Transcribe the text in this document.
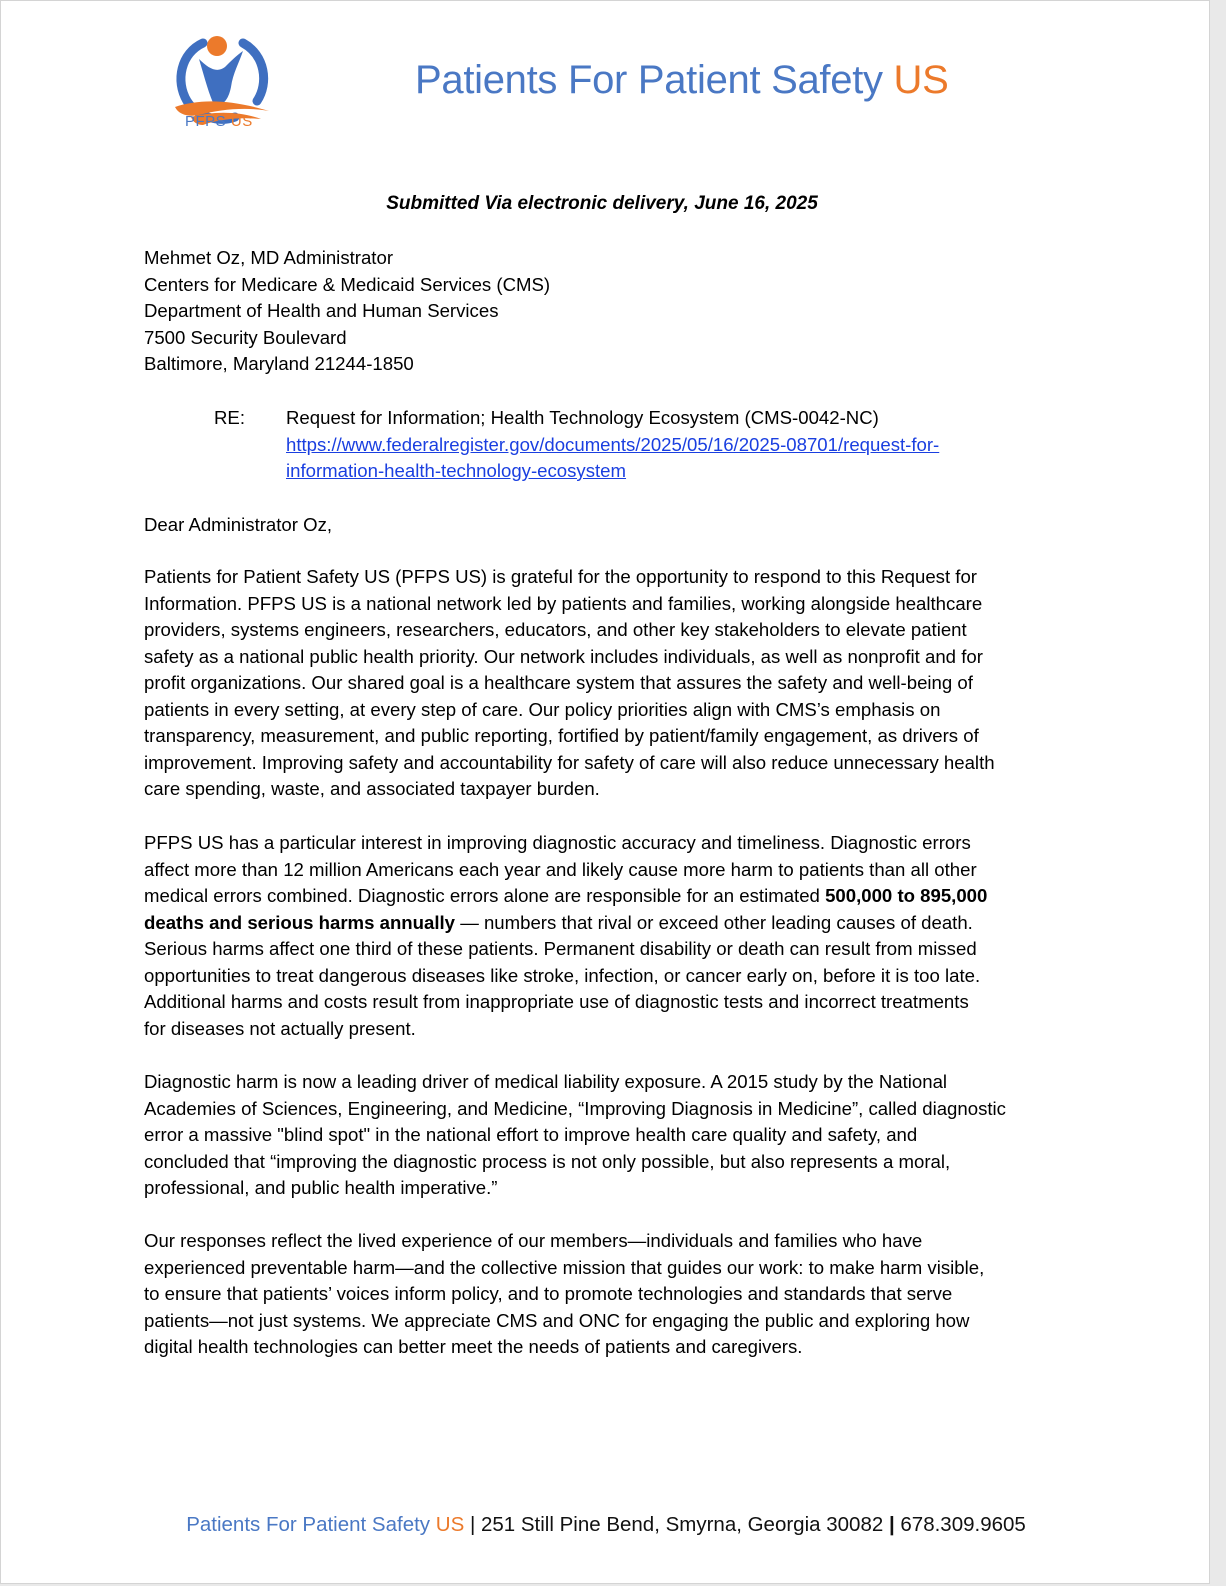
PFPS US
Patients For Patient Safety US
Submitted Via electronic delivery, June 16, 2025
Mehmet Oz, MD Administrator
Centers for Medicare & Medicaid Services (CMS)
Department of Health and Human Services
7500 Security Boulevard
Baltimore, Maryland 21244-1850
RE: Request for Information; Health Technology Ecosystem (CMS-0042-NC)
https://www.federalregister.gov/documents/2025/05/16/2025-08701/request-for-
information-health-technology-ecosystem
Dear Administrator Oz,
Patients for Patient Safety US (PFPS US) is grateful for the opportunity to respond to this Request for
Information. PFPS US is a national network led by patients and families, working alongside healthcare
providers, systems engineers, researchers, educators, and other key stakeholders to elevate patient
safety as a national public health priority. Our network includes individuals, as well as nonprofit and for
profit organizations. Our shared goal is a healthcare system that assures the safety and well-being of
patients in every setting, at every step of care. Our policy priorities align with CMS’s emphasis on
transparency, measurement, and public reporting, fortified by patient/family engagement, as drivers of
improvement. Improving safety and accountability for safety of care will also reduce unnecessary health
care spending, waste, and associated taxpayer burden.
PFPS US has a particular interest in improving diagnostic accuracy and timeliness. Diagnostic errors
affect more than 12 million Americans each year and likely cause more harm to patients than all other
medical errors combined. Diagnostic errors alone are responsible for an estimated 500,000 to 895,000
deaths and serious harms annually — numbers that rival or exceed other leading causes of death.
Serious harms affect one third of these patients. Permanent disability or death can result from missed
opportunities to treat dangerous diseases like stroke, infection, or cancer early on, before it is too late.
Additional harms and costs result from inappropriate use of diagnostic tests and incorrect treatments
for diseases not actually present.
Diagnostic harm is now a leading driver of medical liability exposure. A 2015 study by the National
Academies of Sciences, Engineering, and Medicine, “Improving Diagnosis in Medicine”, called diagnostic
error a massive "blind spot" in the national effort to improve health care quality and safety, and
concluded that “improving the diagnostic process is not only possible, but also represents a moral,
professional, and public health imperative.”
Our responses reflect the lived experience of our members—individuals and families who have
experienced preventable harm—and the collective mission that guides our work: to make harm visible,
to ensure that patients’ voices inform policy, and to promote technologies and standards that serve
patients—not just systems. We appreciate CMS and ONC for engaging the public and exploring how
digital health technologies can better meet the needs of patients and caregivers.
Patients For Patient Safety US | 251 Still Pine Bend, Smyrna, Georgia 30082 | 678.309.9605
